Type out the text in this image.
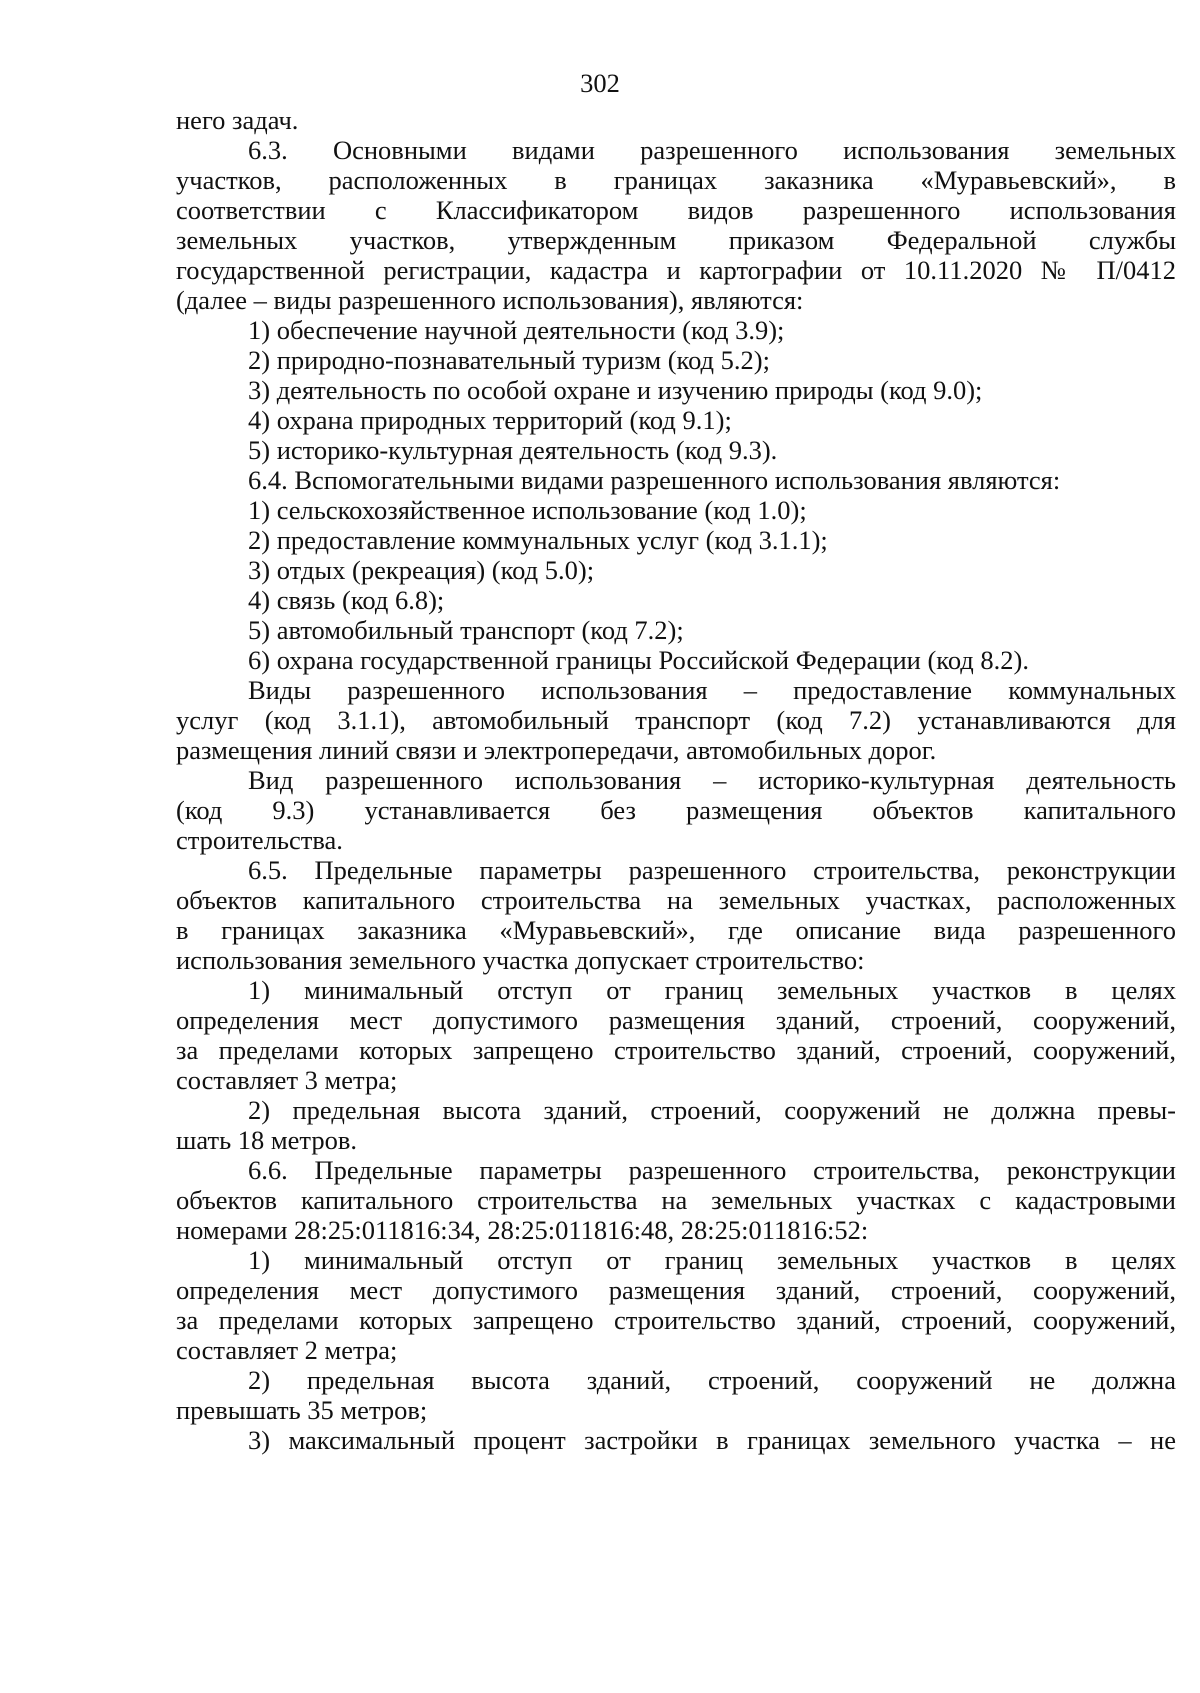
302
него задач.
6.3. Основными видами разрешенного использования земельных
участков, расположенных в границах заказника «Муравьевский», в
соответствии с Классификатором видов разрешенного использования
земельных участков, утвержденным приказом Федеральной службы
государственной регистрации, кадастра и картографии от 10.11.2020 № П/0412
(далее – виды разрешенного использования), являются:
1) обеспечение научной деятельности (код 3.9);
2) природно-познавательный туризм (код 5.2);
3) деятельность по особой охране и изучению природы (код 9.0);
4) охрана природных территорий (код 9.1);
5) историко-культурная деятельность (код 9.3).
6.4. Вспомогательными видами разрешенного использования являются:
1) сельскохозяйственное использование (код 1.0);
2) предоставление коммунальных услуг (код 3.1.1);
3) отдых (рекреация) (код 5.0);
4) связь (код 6.8);
5) автомобильный транспорт (код 7.2);
6) охрана государственной границы Российской Федерации (код 8.2).
Виды разрешенного использования – предоставление коммунальных
услуг (код 3.1.1), автомобильный транспорт (код 7.2) устанавливаются для
размещения линий связи и электропередачи, автомобильных дорог.
Вид разрешенного использования – историко-культурная деятельность
(код 9.3) устанавливается без размещения объектов капитального
строительства.
6.5. Предельные параметры разрешенного строительства, реконструкции
объектов капитального строительства на земельных участках, расположенных
в границах заказника «Муравьевский», где описание вида разрешенного
использования земельного участка допускает строительство:
1) минимальный отступ от границ земельных участков в целях
определения мест допустимого размещения зданий, строений, сооружений,
за пределами которых запрещено строительство зданий, строений, сооружений,
составляет 3 метра;
2) предельная высота зданий, строений, сооружений не должна превы-
шать 18 метров.
6.6. Предельные параметры разрешенного строительства, реконструкции
объектов капитального строительства на земельных участках с кадастровыми
номерами 28:25:011816:34, 28:25:011816:48, 28:25:011816:52:
1) минимальный отступ от границ земельных участков в целях
определения мест допустимого размещения зданий, строений, сооружений,
за пределами которых запрещено строительство зданий, строений, сооружений,
составляет 2 метра;
2) предельная высота зданий, строений, сооружений не должна
превышать 35 метров;
3) максимальный процент застройки в границах земельного участка – не
